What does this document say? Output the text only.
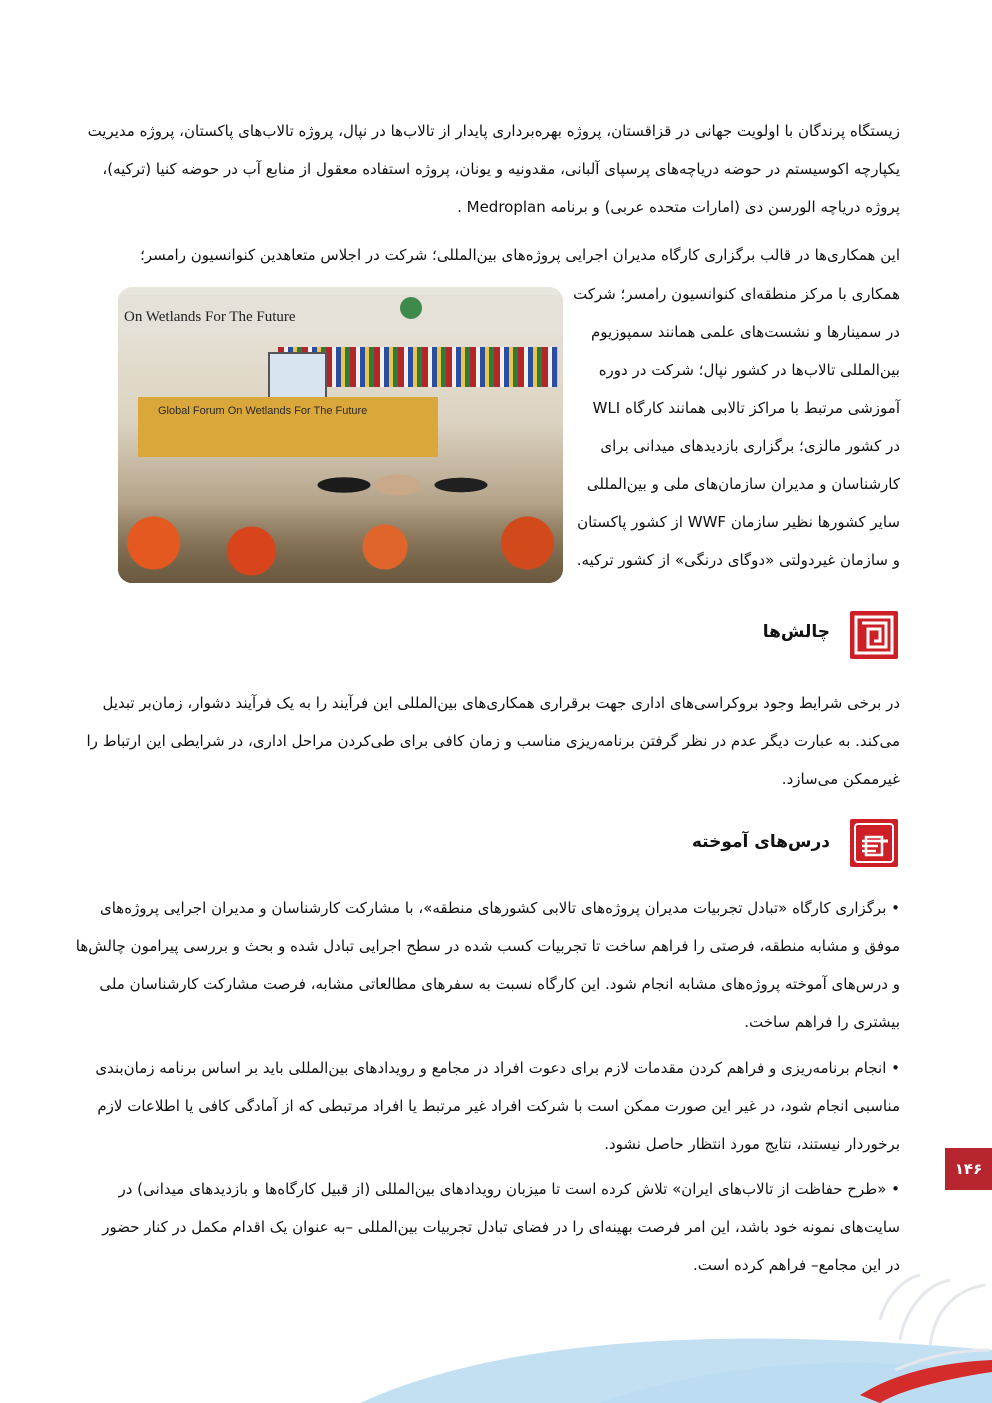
زیستگاه پرندگان با اولویت جهانی در قزاقستان، پروژه بهره‌برداری پایدار از تالاب‌ها در نپال، پروژه تالاب‌های پاکستان، پروژه مدیریت
یکپارچه اکوسیستم در حوضه دریاچه‌های پرسپای آلبانی، مقدونیه و یونان، پروژه استفاده معقول از منابع آب در حوضه کنیا (ترکیه)،
پروژه دریاچه الورسن دی (امارات متحده عربی) و برنامه Medroplan .
این همکاری‌ها در قالب برگزاری کارگاه مدیران اجرایی پروژه‌های بین‌المللی؛ شرکت در اجلاس متعاهدین کنوانسیون رامسر؛
همکاری با مرکز منطقه‌ای کنوانسیون رامسر؛ شرکت
در سمینارها و نشست‌های علمی همانند سمپوزیوم
بین‌المللی تالاب‌ها در کشور نپال؛ شرکت در دوره
آموزشی مرتبط با مراکز تالابی همانند کارگاه WLI
در کشور مالزی؛ برگزاری بازدیدهای میدانی برای
کارشناسان و مدیران سازمان‌های ملی و بین‌المللی
سایر کشورها نظیر سازمان WWF از کشور پاکستان
و سازمان غیردولتی «دوگای درنگی» از کشور ترکیه.
On Wetlands For The Future
Global Forum On Wetlands For The Future
چالش‌ها
در برخی شرایط وجود بروکراسی‌های اداری جهت برقراری همکاری‌های بین‌المللی این فرآیند را به یک فرآیند دشوار، زمان‌بر تبدیل
می‌کند. به عبارت دیگر عدم در نظر گرفتن برنامه‌ریزی مناسب و زمان کافی برای طی‌کردن مراحل اداری، در شرایطی این ارتباط را
غیرممکن می‌سازد.
درس‌های آموخته
• برگزاری کارگاه «تبادل تجربیات مدیران پروژه‌های تالابی کشورهای منطقه»، با مشارکت کارشناسان و مدیران اجرایی پروژه‌های
موفق و مشابه منطقه، فرصتی را فراهم ساخت تا تجربیات کسب شده در سطح اجرایی تبادل شده و بحث و بررسی پیرامون چالش‌ها
و درس‌های آموخته پروژه‌های مشابه انجام شود. این کارگاه نسبت به سفرهای مطالعاتی مشابه، فرصت مشارکت کارشناسان ملی
بیشتری را فراهم ساخت.
• انجام برنامه‌ریزی و فراهم کردن مقدمات لازم برای دعوت افراد در مجامع و رویدادهای بین‌المللی باید بر اساس برنامه زمان‌بندی
مناسبی انجام شود، در غیر این صورت ممکن است با شرکت افراد غیر مرتبط یا افراد مرتبطی که از آمادگی کافی یا اطلاعات لازم
برخوردار نیستند، نتایج مورد انتظار حاصل نشود.
• «طرح حفاظت از تالاب‌های ایران» تلاش کرده است تا میزبان رویدادهای بین‌المللی (از قبیل کارگاه‌ها و بازدیدهای میدانی) در
سایت‌های نمونه خود باشد، این امر فرصت بهینه‌ای را در فضای تبادل تجربیات بین‌المللی –به عنوان یک اقدام مکمل در کنار حضور
در این مجامع– فراهم کرده است.
۱۴۶
